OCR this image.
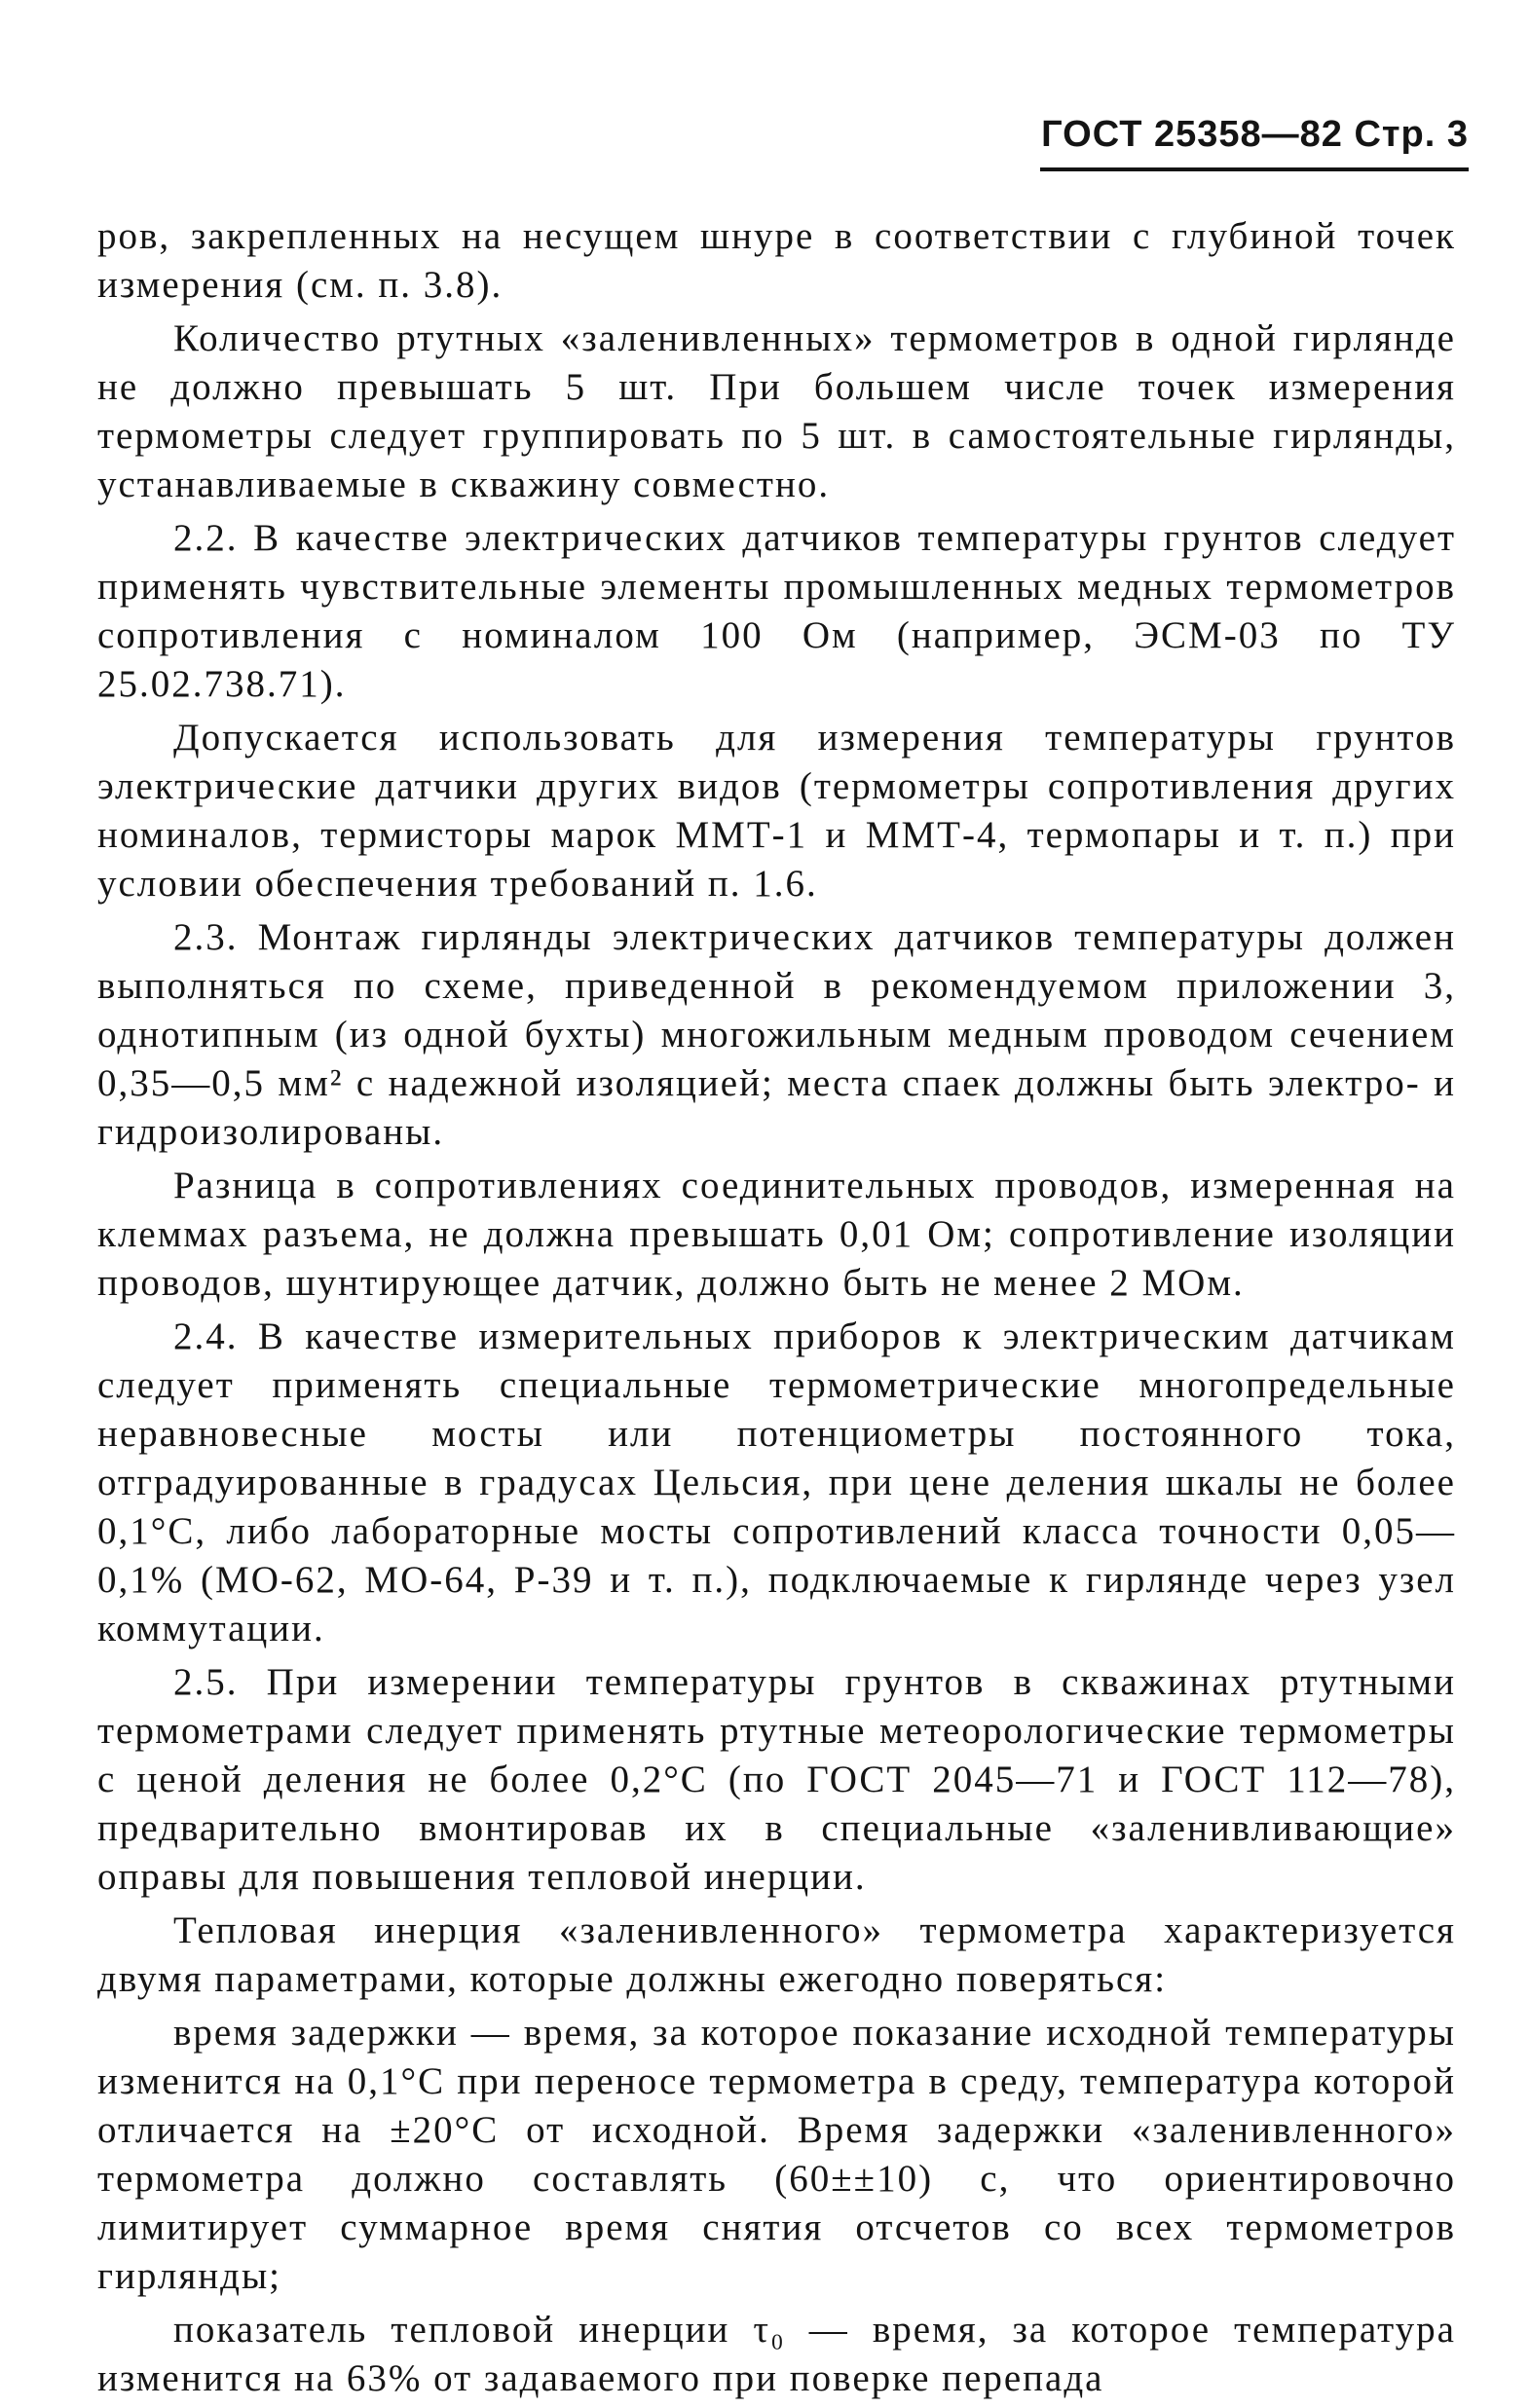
ГОСТ 25358—82 Стр. 3

ров, закрепленных на несущем шнуре в соответствии с глубиной точек измерения (см. п. 3.8).

Количество ртутных «заленивленных» термометров в одной гирлянде не должно превышать 5 шт. При большем числе точек измерения термометры следует группировать по 5 шт. в самостоятельные гирлянды, устанавливаемые в скважину совместно.

2.2. В качестве электрических датчиков температуры грунтов следует применять чувствительные элементы промышленных медных термометров сопротивления с номиналом 100 Ом (например, ЭСМ-03 по ТУ 25.02.738.71).

Допускается использовать для измерения температуры грунтов электрические датчики других видов (термометры сопротивления других номиналов, термисторы марок ММТ-1 и ММТ-4, термопары и т. п.) при условии обеспечения требований п. 1.6.

2.3. Монтаж гирлянды электрических датчиков температуры должен выполняться по схеме, приведенной в рекомендуемом приложении 3, однотипным (из одной бухты) многожильным медным проводом сечением 0,35—0,5 мм² с надежной изоляцией; места спаек должны быть электро- и гидроизолированы.

Разница в сопротивлениях соединительных проводов, измеренная на клеммах разъема, не должна превышать 0,01 Ом; сопротивление изоляции проводов, шунтирующее датчик, должно быть не менее 2 МОм.

2.4. В качестве измерительных приборов к электрическим датчикам следует применять специальные термометрические многопредельные неравновесные мосты или потенциометры постоянного тока, отградуированные в градусах Цельсия, при цене деления шкалы не более 0,1°С, либо лабораторные мосты сопротивлений класса точности 0,05—0,1% (МО-62, МО-64, Р-39 и т. п.), подключаемые к гирлянде через узел коммутации.

2.5. При измерении температуры грунтов в скважинах ртутными термометрами следует применять ртутные метеорологические термометры с ценой деления не более 0,2°С (по ГОСТ 2045—71 и ГОСТ 112—78), предварительно вмонтировав их в специальные «заленивливающие» оправы для повышения тепловой инерции.

Тепловая инерция «заленивленного» термометра характеризуется двумя параметрами, которые должны ежегодно поверяться:

время задержки — время, за которое показание исходной температуры изменится на 0,1°С при переносе термометра в среду, температура которой отличается на ±20°С от исходной. Время задержки «заленивленного» термометра должно составлять (60±±10) с, что ориентировочно лимитирует суммарное время снятия отсчетов со всех термометров гирлянды;

показатель тепловой инерции τ₀ — время, за которое температура изменится на 63% от задаваемого при поверке перепада
